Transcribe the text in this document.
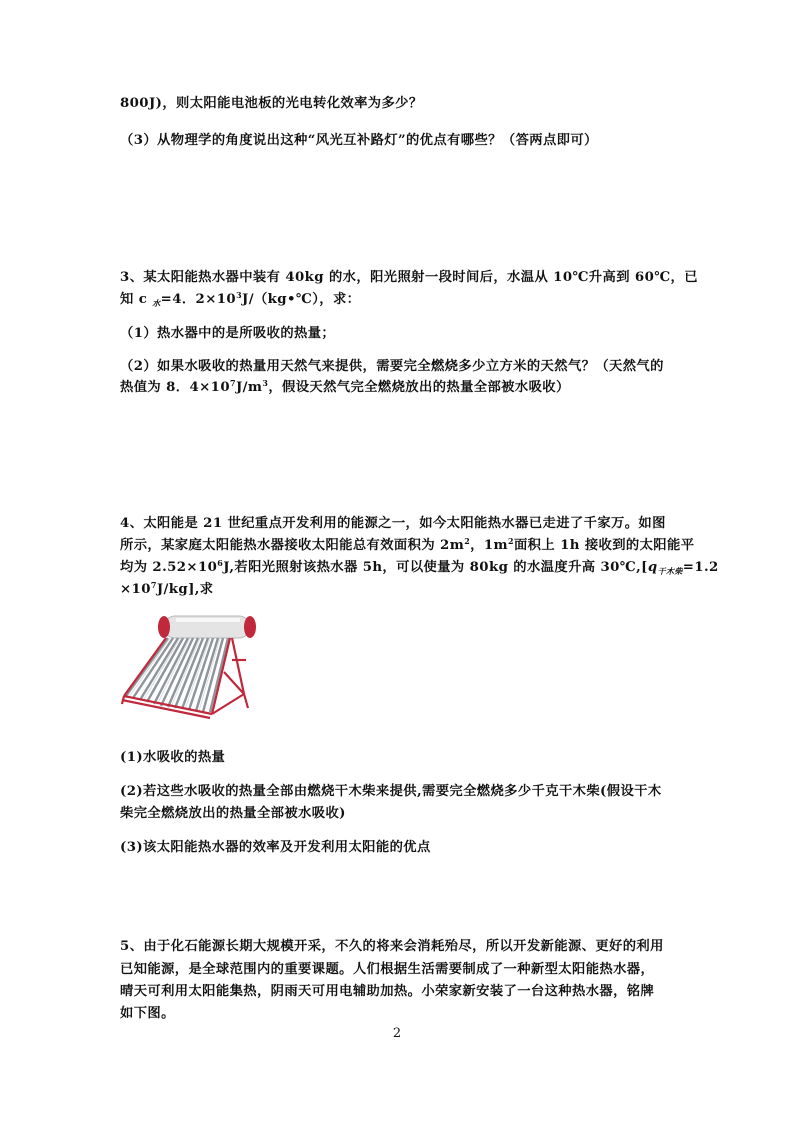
800J)，则太阳能电池板的光电转化效率为多少？
（3）从物理学的角度说出这种“风光互补路灯”的优点有哪些？（答两点即可）
3、某太阳能热水器中装有 40kg 的水，阳光照射一段时间后，水温从 10℃升高到 60℃，已
知 c $_水$=4．$2\times 10^3J/(kg•℃)$，求：
（1）热水器中的是所吸收的热量；
（2）如果水吸收的热量用天然气来提供，需要完全燃烧多少立方米的天然气？（天然气的
热值为 8．$4\times 10^7J/m^3$，假设天然气完全燃烧放出的热量全部被水吸收）
4、太阳能是 21 世纪重点开发利用的能源之一，如今太阳能热水器已走进了千家万。如图
所示，某家庭太阳能热水器接收太阳能总有效面积为 $2m^2$，$1m^2$面积上 1h 接收到的太阳能平
均为 $2.52\times 10^6J$,若阳光照射该热水器 5h，可以使量为 80kg 的水温度升高 $30℃,[q_{干木柴}=1.2$
$\times 10^7J/kg$],求
(1)水吸收的热量
(2)若这些水吸收的热量全部由燃烧干木柴来提供,需要完全燃烧多少千克干木柴(假设干木
柴完全燃烧放出的热量全部被水吸收)
(3)该太阳能热水器的效率及开发利用太阳能的优点
5、由于化石能源长期大规模开采，不久的将来会消耗殆尽，所以开发新能源、更好的利用
已知能源，是全球范围内的重要课题。人们根据生活需要制成了一种新型太阳能热水器，
晴天可利用太阳能集热，阴雨天可用电辅助加热。小荣家新安装了一台这种热水器，铭牌
如下图。
2
